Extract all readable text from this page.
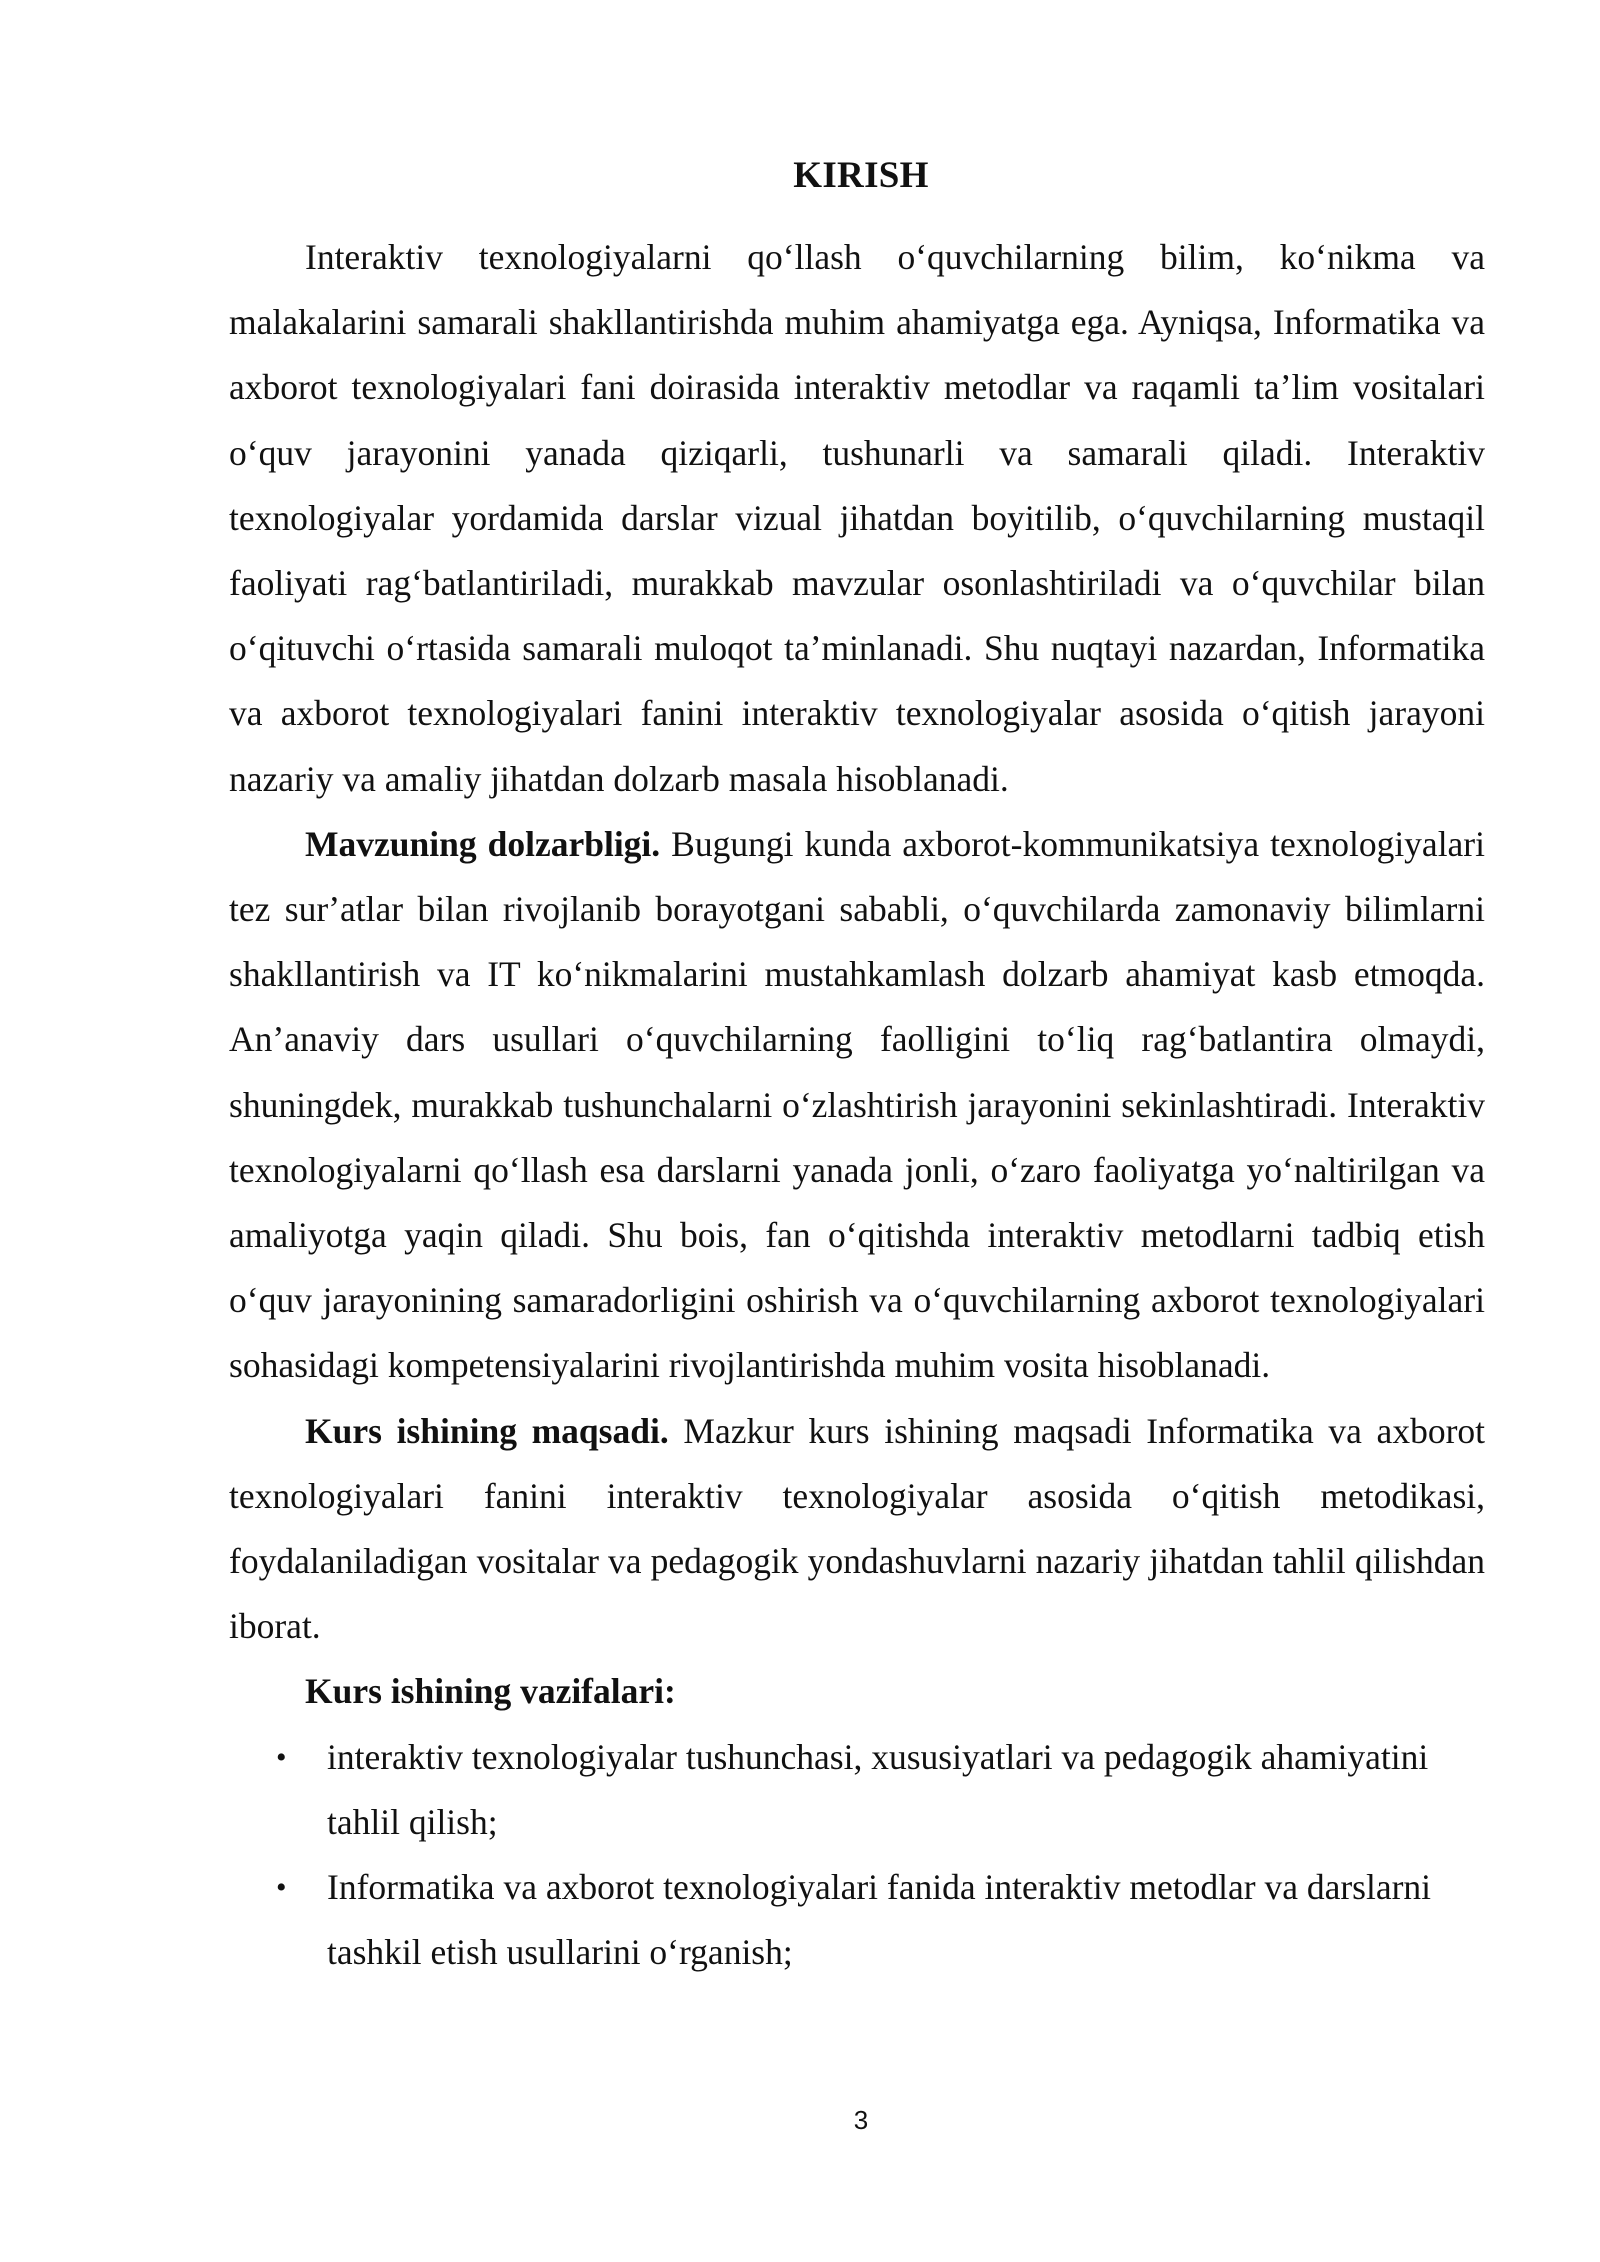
KIRISH

Interaktiv texnologiyalarni qoʻllash oʻquvchilarning bilim, koʻnikma va malakalarini samarali shakllantirishda muhim ahamiyatga ega. Ayniqsa, Informatika va axborot texnologiyalari fani doirasida interaktiv metodlar va raqamli taʼlim vositalari oʻquv jarayonini yanada qiziqarli, tushunarli va samarali qiladi. Interaktiv texnologiyalar yordamida darslar vizual jihatdan boyitilib, oʻquvchilarning mustaqil faoliyati ragʻbatlantiriladi, murakkab mavzular osonlashtiriladi va oʻquvchilar bilan oʻqituvchi oʻrtasida samarali muloqot taʼminlanadi. Shu nuqtayi nazardan, Informatika va axborot texnologiyalari fanini interaktiv texnologiyalar asosida oʻqitish jarayoni nazariy va amaliy jihatdan dolzarb masala hisoblanadi.

Mavzuning dolzarbligi. Bugungi kunda axborot-kommunikatsiya texnologiyalari tez surʼatlar bilan rivojlanib borayotgani sababli, oʻquvchilarda zamonaviy bilimlarni shakllantirish va IT koʻnikmalarini mustahkamlash dolzarb ahamiyat kasb etmoqda. Anʼanaviy dars usullari oʻquvchilarning faolligini toʻliq ragʻbatlantira olmaydi, shuningdek, murakkab tushunchalarni oʻzlashtirish jarayonini sekinlashtiradi. Interaktiv texnologiyalarni qoʻllash esa darslarni yanada jonli, oʻzaro faoliyatga yoʻnaltirilgan va amaliyotga yaqin qiladi. Shu bois, fan oʻqitishda interaktiv metodlarni tadbiq etish oʻquv jarayonining samaradorligini oshirish va oʻquvchilarning axborot texnologiyalari sohasidagi kompetensiyalarini rivojlantirishda muhim vosita hisoblanadi.

Kurs ishining maqsadi. Mazkur kurs ishining maqsadi Informatika va axborot texnologiyalari fanini interaktiv texnologiyalar asosida oʻqitish metodikasi, foydalaniladigan vositalar va pedagogik yondashuvlarni nazariy jihatdan tahlil qilishdan iborat.

Kurs ishining vazifalari:
• interaktiv texnologiyalar tushunchasi, xususiyatlari va pedagogik ahamiyatini tahlil qilish;
• Informatika va axborot texnologiyalari fanida interaktiv metodlar va darslarni tashkil etish usullarini oʻrganish;
3
